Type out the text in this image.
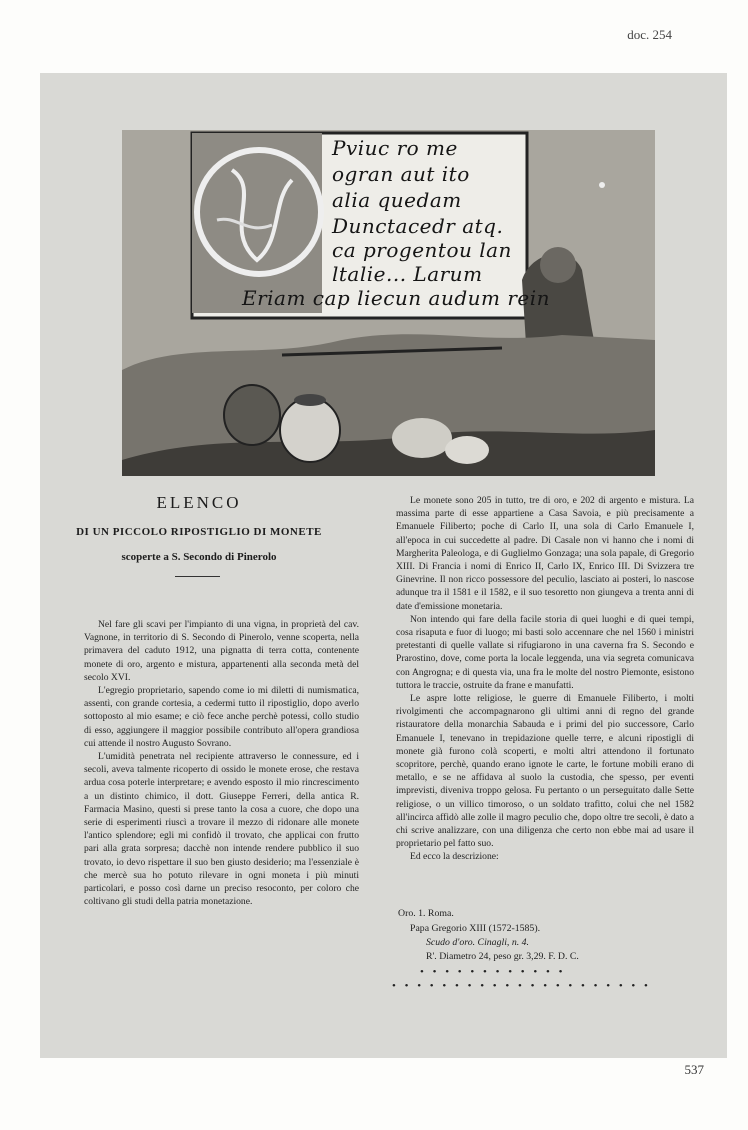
doc. 254
Pviuc ro me
ogran aut ito
alia quedam
Dunctacedr atq.
ca progentou lan
ltalie... Larum
Eriam cap liecun audum rein
ELENCO
DI UN PICCOLO RIPOSTIGLIO DI MONETE
scoperte a S. Secondo di Pinerolo

Nel fare gli scavi per l'impianto di una vigna, in proprietà del cav. Vagnone, in territorio di S. Secondo di Pinerolo, venne scoperta, nella primavera del caduto 1912, una pignatta di terra cotta, contenente monete di oro, argento e mistura, appartenenti alla seconda metà del secolo XVI.

L'egregio proprietario, sapendo come io mi diletti di numismatica, assentì, con grande cortesia, a cedermi tutto il ripostiglio, dopo averlo sottoposto al mio esame; e ciò fece anche perchè potessi, collo studio di esso, aggiungere il maggior possibile contributo all'opera grandiosa cui attende il nostro Augusto Sovrano.

L'umidità penetrata nel recipiente attraverso le connessure, ed i secoli, aveva talmente ricoperto di ossido le monete erose, che restava ardua cosa poterle interpretare; e avendo esposto il mio rincrescimento a un distinto chimico, il dott. Giuseppe Ferreri, della antica R. Farmacia Masino, questi si prese tanto la cosa a cuore, che dopo una serie di esperimenti riuscì a trovare il mezzo di ridonare alle monete l'antico splendore; egli mi confidò il trovato, che applicai con frutto pari alla grata sorpresa; dacchè non intende rendere pubblico il suo trovato, io devo rispettare il suo ben giusto desiderio; ma l'essenziale è che mercè sua ho potuto rilevare in ogni moneta i più minuti particolari, e posso così darne un preciso resoconto, per coloro che coltivano gli studi della patria monetazione.

Le monete sono 205 in tutto, tre di oro, e 202 di argento e mistura. La massima parte di esse appartiene a Casa Savoia, e più precisamente a Emanuele Filiberto; poche di Carlo II, una sola di Carlo Emanuele I, all'epoca in cui succedette al padre. Di Casale non vi hanno che i nomi di Margherita Paleologa, e di Guglielmo Gonzaga; una sola papale, di Gregorio XIII. Di Francia i nomi di Enrico II, Carlo IX, Enrico III. Di Svizzera tre Ginevrine. Il non ricco possessore del peculio, lasciato ai posteri, lo nascose adunque tra il 1581 e il 1582, e il suo tesoretto non giungeva a trenta anni di date d'emissione monetaria.

Non intendo qui fare della facile storia di quei luoghi e di quei tempi, cosa risaputa e fuor di luogo; mi basti solo accennare che nel 1560 i ministri pretestanti di quelle vallate si rifugiarono in una caverna fra S. Secondo e Prarostino, dove, come porta la locale leggenda, una via segreta comunicava con Angrogna; e di questa via, una fra le molte del nostro Piemonte, esistono tuttora le traccie, ostruite da frane e manufatti.

Le aspre lotte religiose, le guerre di Emanuele Filiberto, i molti rivolgimenti che accompagnarono gli ultimi anni di regno del grande ristauratore della monarchia Sabauda e i primi del pio successore, Carlo Emanuele I, tenevano in trepidazione quelle terre, e alcuni ripostigli di monete già furono colà scoperti, e molti altri attendono il fortunato scopritore, perchè, quando erano ignote le carte, le fortune mobili erano di metallo, e se ne affidava al suolo la custodia, che spesso, per eventi imprevisti, diveniva troppo gelosa. Fu pertanto o un perseguitato dalle Sette religiose, o un villico timoroso, o un soldato trafitto, colui che nel 1582 all'incirca affidò alle zolle il magro peculio che, dopo oltre tre secoli, è dato a chi scrive analizzare, con una diligenza che certo non ebbe mai ad usare il proprietario pel fatto suo.

Ed ecco la descrizione:

Oro. 1. Roma.
Papa Gregorio XIII (1572-1585).
Scudo d'oro. Cinagli, n. 4.
R'. Diametro 24, peso gr. 3,29. F. D. C.
• • • • • • • • • • • •
• • • • • • • • • • • • • • • • • • • • •
537
